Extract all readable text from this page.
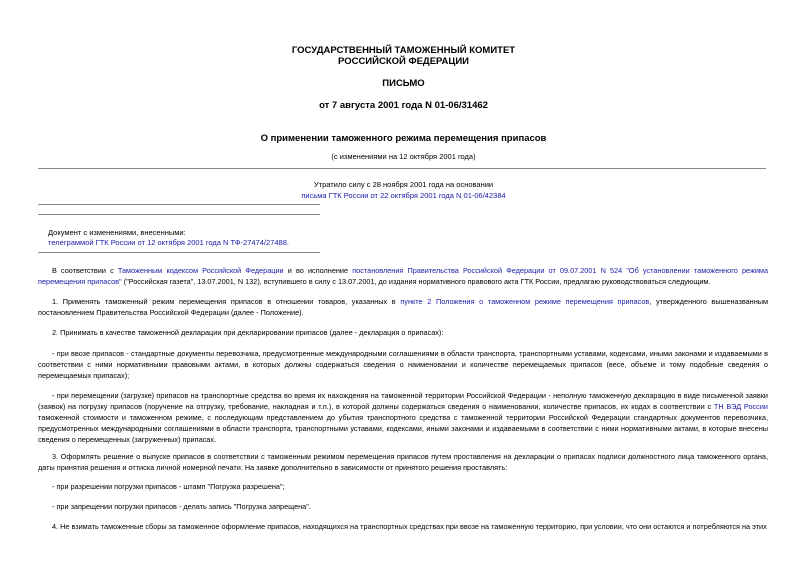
ГОСУДАРСТВЕННЫЙ ТАМОЖЕННЫЙ КОМИТЕТ
РОССИЙСКОЙ ФЕДЕРАЦИИ
ПИСЬМО
от 7 августа 2001 года N 01-06/31462
О применении таможенного режима перемещения припасов
(с изменениями на 12 октября 2001 года)
Утратило силу с 28 ноября 2001 года на основании
письма ГТК России от 22 октября 2001 года N 01-06/42384
Документ с изменениями, внесенными:
телеграммой ГТК России от 12 октября 2001 года N ТФ-27474/27488.
В соответствии с Таможенным кодексом Российской Федерации и во исполнение постановления Правительства Российской Федерации от 09.07.2001 N 524 "Об установлении таможенного режима перемещения припасов" ("Российская газета", 13.07.2001, N 132), вступившего в силу с 13.07.2001, до издания нормативного правового акта ГТК России, предлагаю руководствоваться следующим.
1. Применять таможенный режим перемещения припасов в отношении товаров, указанных в пункте 2 Положения о таможенном режиме перемещения припасов, утвержденного вышеназванным постановлением Правительства Российской Федерации (далее - Положение).
2. Принимать в качестве таможенной декларации при декларировании припасов (далее - декларация о припасах):
- при ввозе припасов - стандартные документы перевозчика, предусмотренные международными соглашениями в области транспорта, транспортными уставами, кодексами, иными законами и издаваемыми в соответствии с ними нормативными правовыми актами, в которых должны содержаться сведения о наименовании и количестве перемещаемых припасов (весе, объеме и тому подобные сведения о перемещаемых припасах);
- при перемещении (загрузке) припасов на транспортные средства во время их нахождения на таможенной территории Российской Федерации - неполную таможенную декларацию в виде письменной заявки (заявок) на погрузку припасов (поручение на отгрузку, требование, накладная и т.п.), в которой должны содержаться сведения о наименовании, количестве припасов, их кодах в соответствии с ТН ВЭД России таможенной стоимости и таможенном режиме, с последующим представлением до убытия транспортного средства с таможенной территории Российской Федерации стандартных документов перевозчика, предусмотренных международными соглашениями в области транспорта, транспортными уставами, кодексами, иными законами и издаваемыми в соответствии с ними нормативными актами, в которые внесены сведения о перемещенных (загруженных) припасах.
3. Оформлять решение о выпуске припасов в соответствии с таможенным режимом перемещения припасов путем проставления на декларации о припасах подписи должностного лица таможенного органа, даты принятия решения и оттиска личной номерной печати. На заявке дополнительно в зависимости от принятого решения проставлять:
- при разрешении погрузки припасов - штамп "Погрузка разрешена";
- при запрещении погрузки припасов - делать запись "Погрузка запрещена".
4. Не взимать таможенные сборы за таможенное оформление припасов, находящихся на транспортных средствах при ввозе на таможенную территорию, при условии, что они остаются и потребляются на этих
